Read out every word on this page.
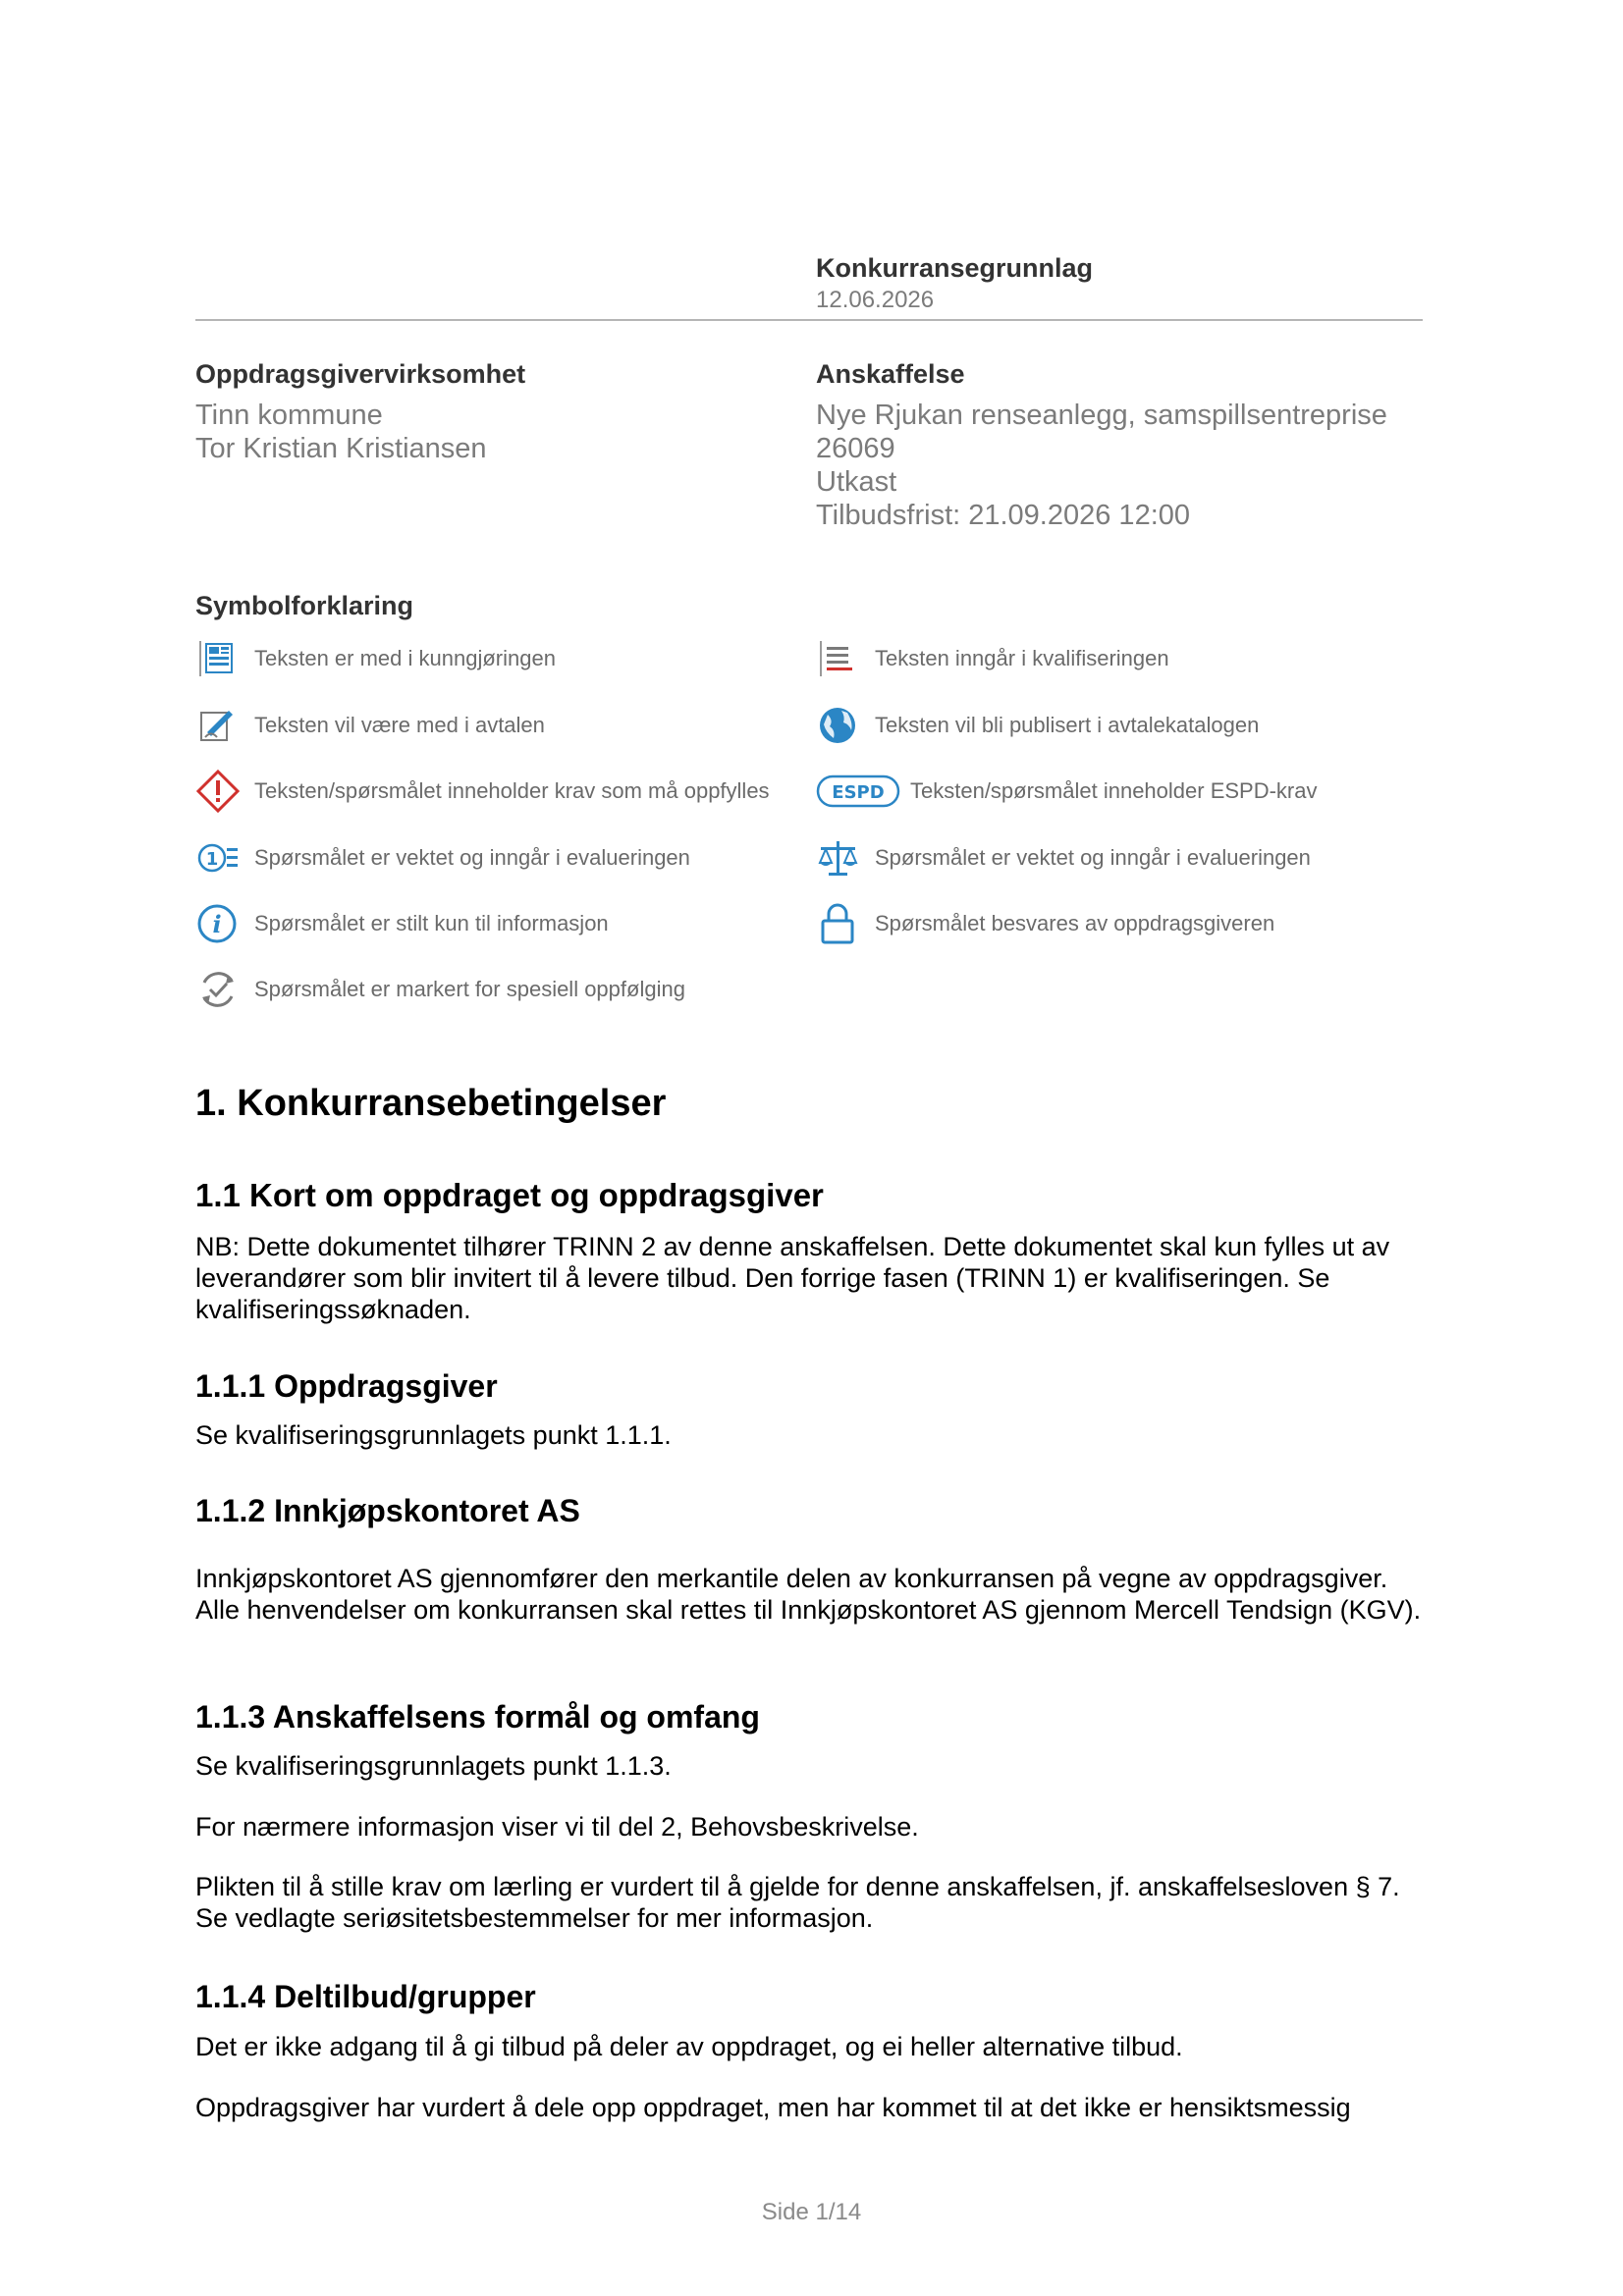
Konkurransegrunnlag
12.06.2026
Oppdragsgivervirksomhet
Tinn kommune
Tor Kristian Kristiansen
Anskaffelse
Nye Rjukan renseanlegg, samspillsentreprise
26069
Utkast
Tilbudsfrist: 21.09.2026 12:00
Symbolforklaring
Teksten er med i kunngjøringen
Teksten vil være med i avtalen
Teksten/spørsmålet inneholder krav som må oppfylles
1 Spørsmålet er vektet og inngår i evalueringen
i Spørsmålet er stilt kun til informasjon
Spørsmålet er markert for spesiell oppfølging
Teksten inngår i kvalifiseringen
Teksten vil bli publisert i avtalekatalogen
ESPD Teksten/spørsmålet inneholder ESPD-krav
Spørsmålet er vektet og inngår i evalueringen
Spørsmålet besvares av oppdragsgiveren
1. Konkurransebetingelser
1.1 Kort om oppdraget og oppdragsgiver
NB: Dette dokumentet tilhører TRINN 2 av denne anskaffelsen. Dette dokumentet skal kun fylles ut av leverandører som blir invitert til å levere tilbud. Den forrige fasen (TRINN 1) er kvalifiseringen. Se kvalifiseringssøknaden.
1.1.1 Oppdragsgiver
Se kvalifiseringsgrunnlagets punkt 1.1.1.
1.1.2 Innkjøpskontoret AS
Innkjøpskontoret AS gjennomfører den merkantile delen av konkurransen på vegne av oppdragsgiver. Alle henvendelser om konkurransen skal rettes til Innkjøpskontoret AS gjennom Mercell Tendsign (KGV).
1.1.3 Anskaffelsens formål og omfang
Se kvalifiseringsgrunnlagets punkt 1.1.3.
For nærmere informasjon viser vi til del 2, Behovsbeskrivelse.
Plikten til å stille krav om lærling er vurdert til å gjelde for denne anskaffelsen, jf. anskaffelsesloven § 7. Se vedlagte seriøsitetsbestemmelser for mer informasjon.
1.1.4 Deltilbud/grupper
Det er ikke adgang til å gi tilbud på deler av oppdraget, og ei heller alternative tilbud.
Oppdragsgiver har vurdert å dele opp oppdraget, men har kommet til at det ikke er hensiktsmessig
Side 1/14
